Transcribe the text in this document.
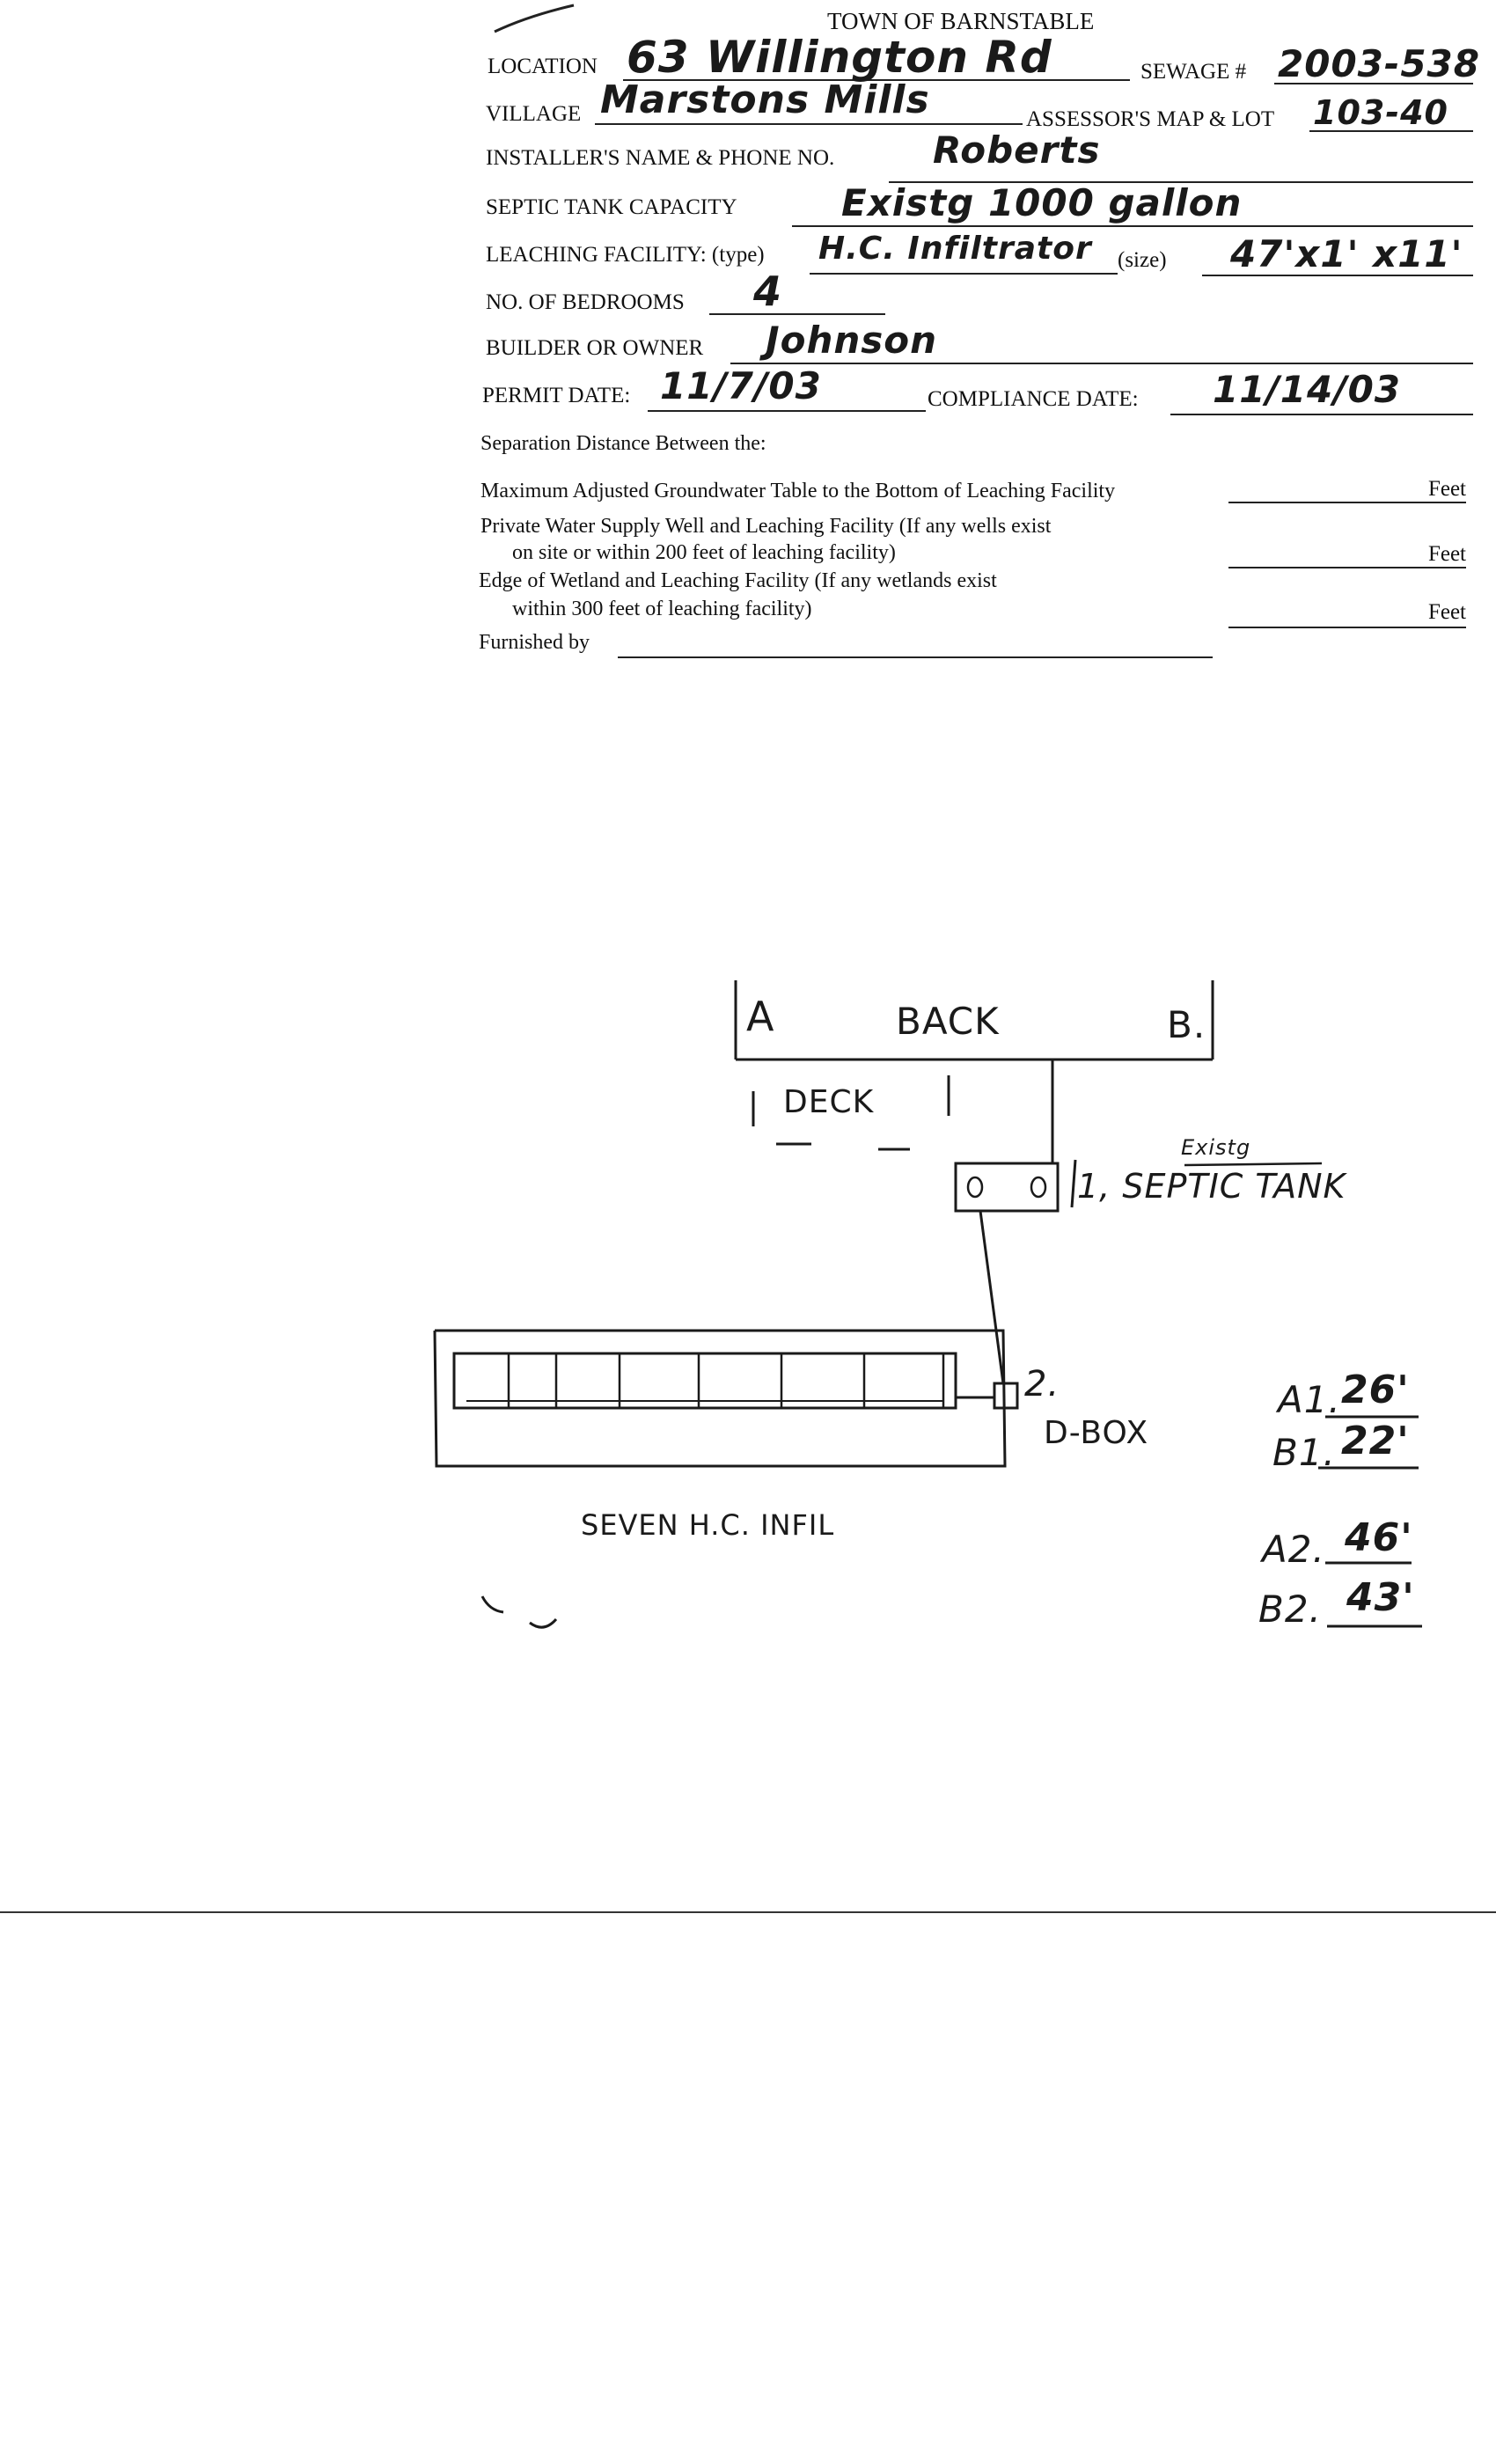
TOWN OF BARNSTABLE
LOCATION 63 Willington Rd	SEWAGE # 2003-538
VILLAGE Marstons Mills	ASSESSOR'S MAP & LOT 103-40
INSTALLER'S NAME & PHONE NO.	Roberts
SEPTIC TANK CAPACITY	Existg 1000 gallon
LEACHING FACILITY: (type) H.C. Infiltrator (size) 47'x1' x11'
NO. OF BEDROOMS 4
BUILDER OR OWNER Johnson
PERMIT DATE: 11/7/03	COMPLIANCE DATE: 11/14/03
Separation Distance Between the:
Maximum Adjusted Groundwater Table to the Bottom of Leaching Facility	Feet
Private Water Supply Well and Leaching Facility (If any wells exist
on site or within 200 feet of leaching facility)	Feet
Edge of Wetland and Leaching Facility (If any wetlands exist
within 300 feet of leaching facility)	Feet
Furnished by
A	BACK	B.
DECK
Existg
1, SEPTIC TANK
2.
D-BOX
SEVEN H.C. INFIL
A1. 26'
B1. 22'
A2. 46'
B2. 43'
